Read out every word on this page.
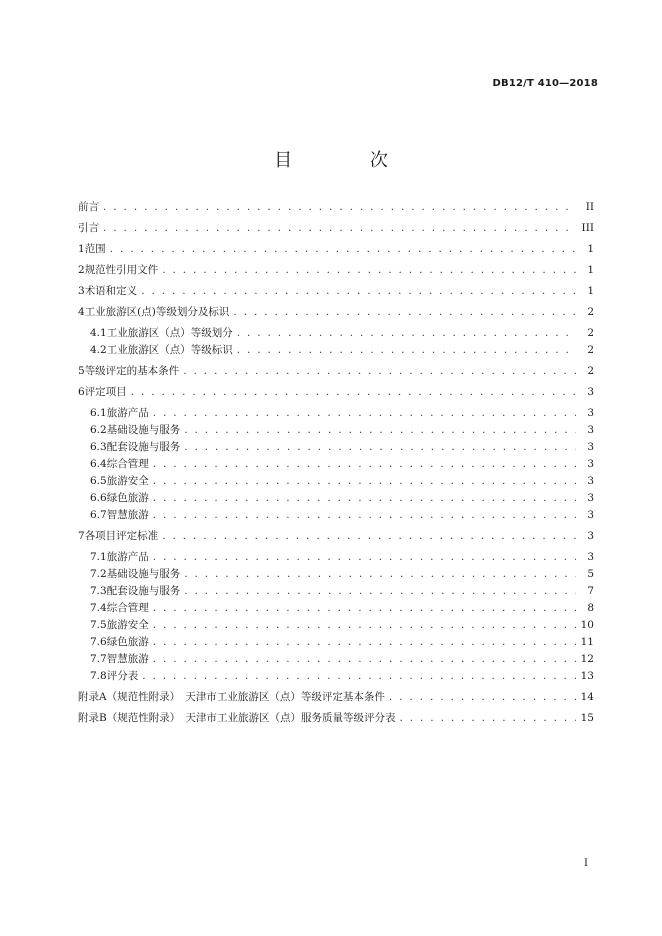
DB12/T 410—2018
目 次
前言 . . .	II
引言 . . .	III
1 范围 . . .	1
2 规范性引用文件 . . .	1
3 术语和定义 . . .	1
4 工业旅游区(点)等级划分及标识 . . .	2
4.1 工业旅游区（点）等级划分 . . .	2
4.2 工业旅游区（点）等级标识 . . .	2
5 等级评定的基本条件 . . .	2
6 评定项目 . . .	3
6.1 旅游产品 . . .	3
6.2 基础设施与服务 . . .	3
6.3 配套设施与服务 . . .	3
6.4 综合管理 . . .	3
6.5 旅游安全 . . .	3
6.6 绿色旅游 . . .	3
6.7 智慧旅游 . . .	3
7 各项目评定标准 . . .	3
7.1 旅游产品 . . .	3
7.2 基础设施与服务 . . .	5
7.3 配套设施与服务 . . .	7
7.4 综合管理 . . .	8
7.5 旅游安全 . . .	10
7.6 绿色旅游 . . .	11
7.7 智慧旅游 . . .	12
7.8 评分表 . . .	13
附录A（规范性附录）　天津市工业旅游区（点）等级评定基本条件 . . .	14
附录B（规范性附录）　天津市工业旅游区（点）服务质量等级评分表 . . .	15
I
